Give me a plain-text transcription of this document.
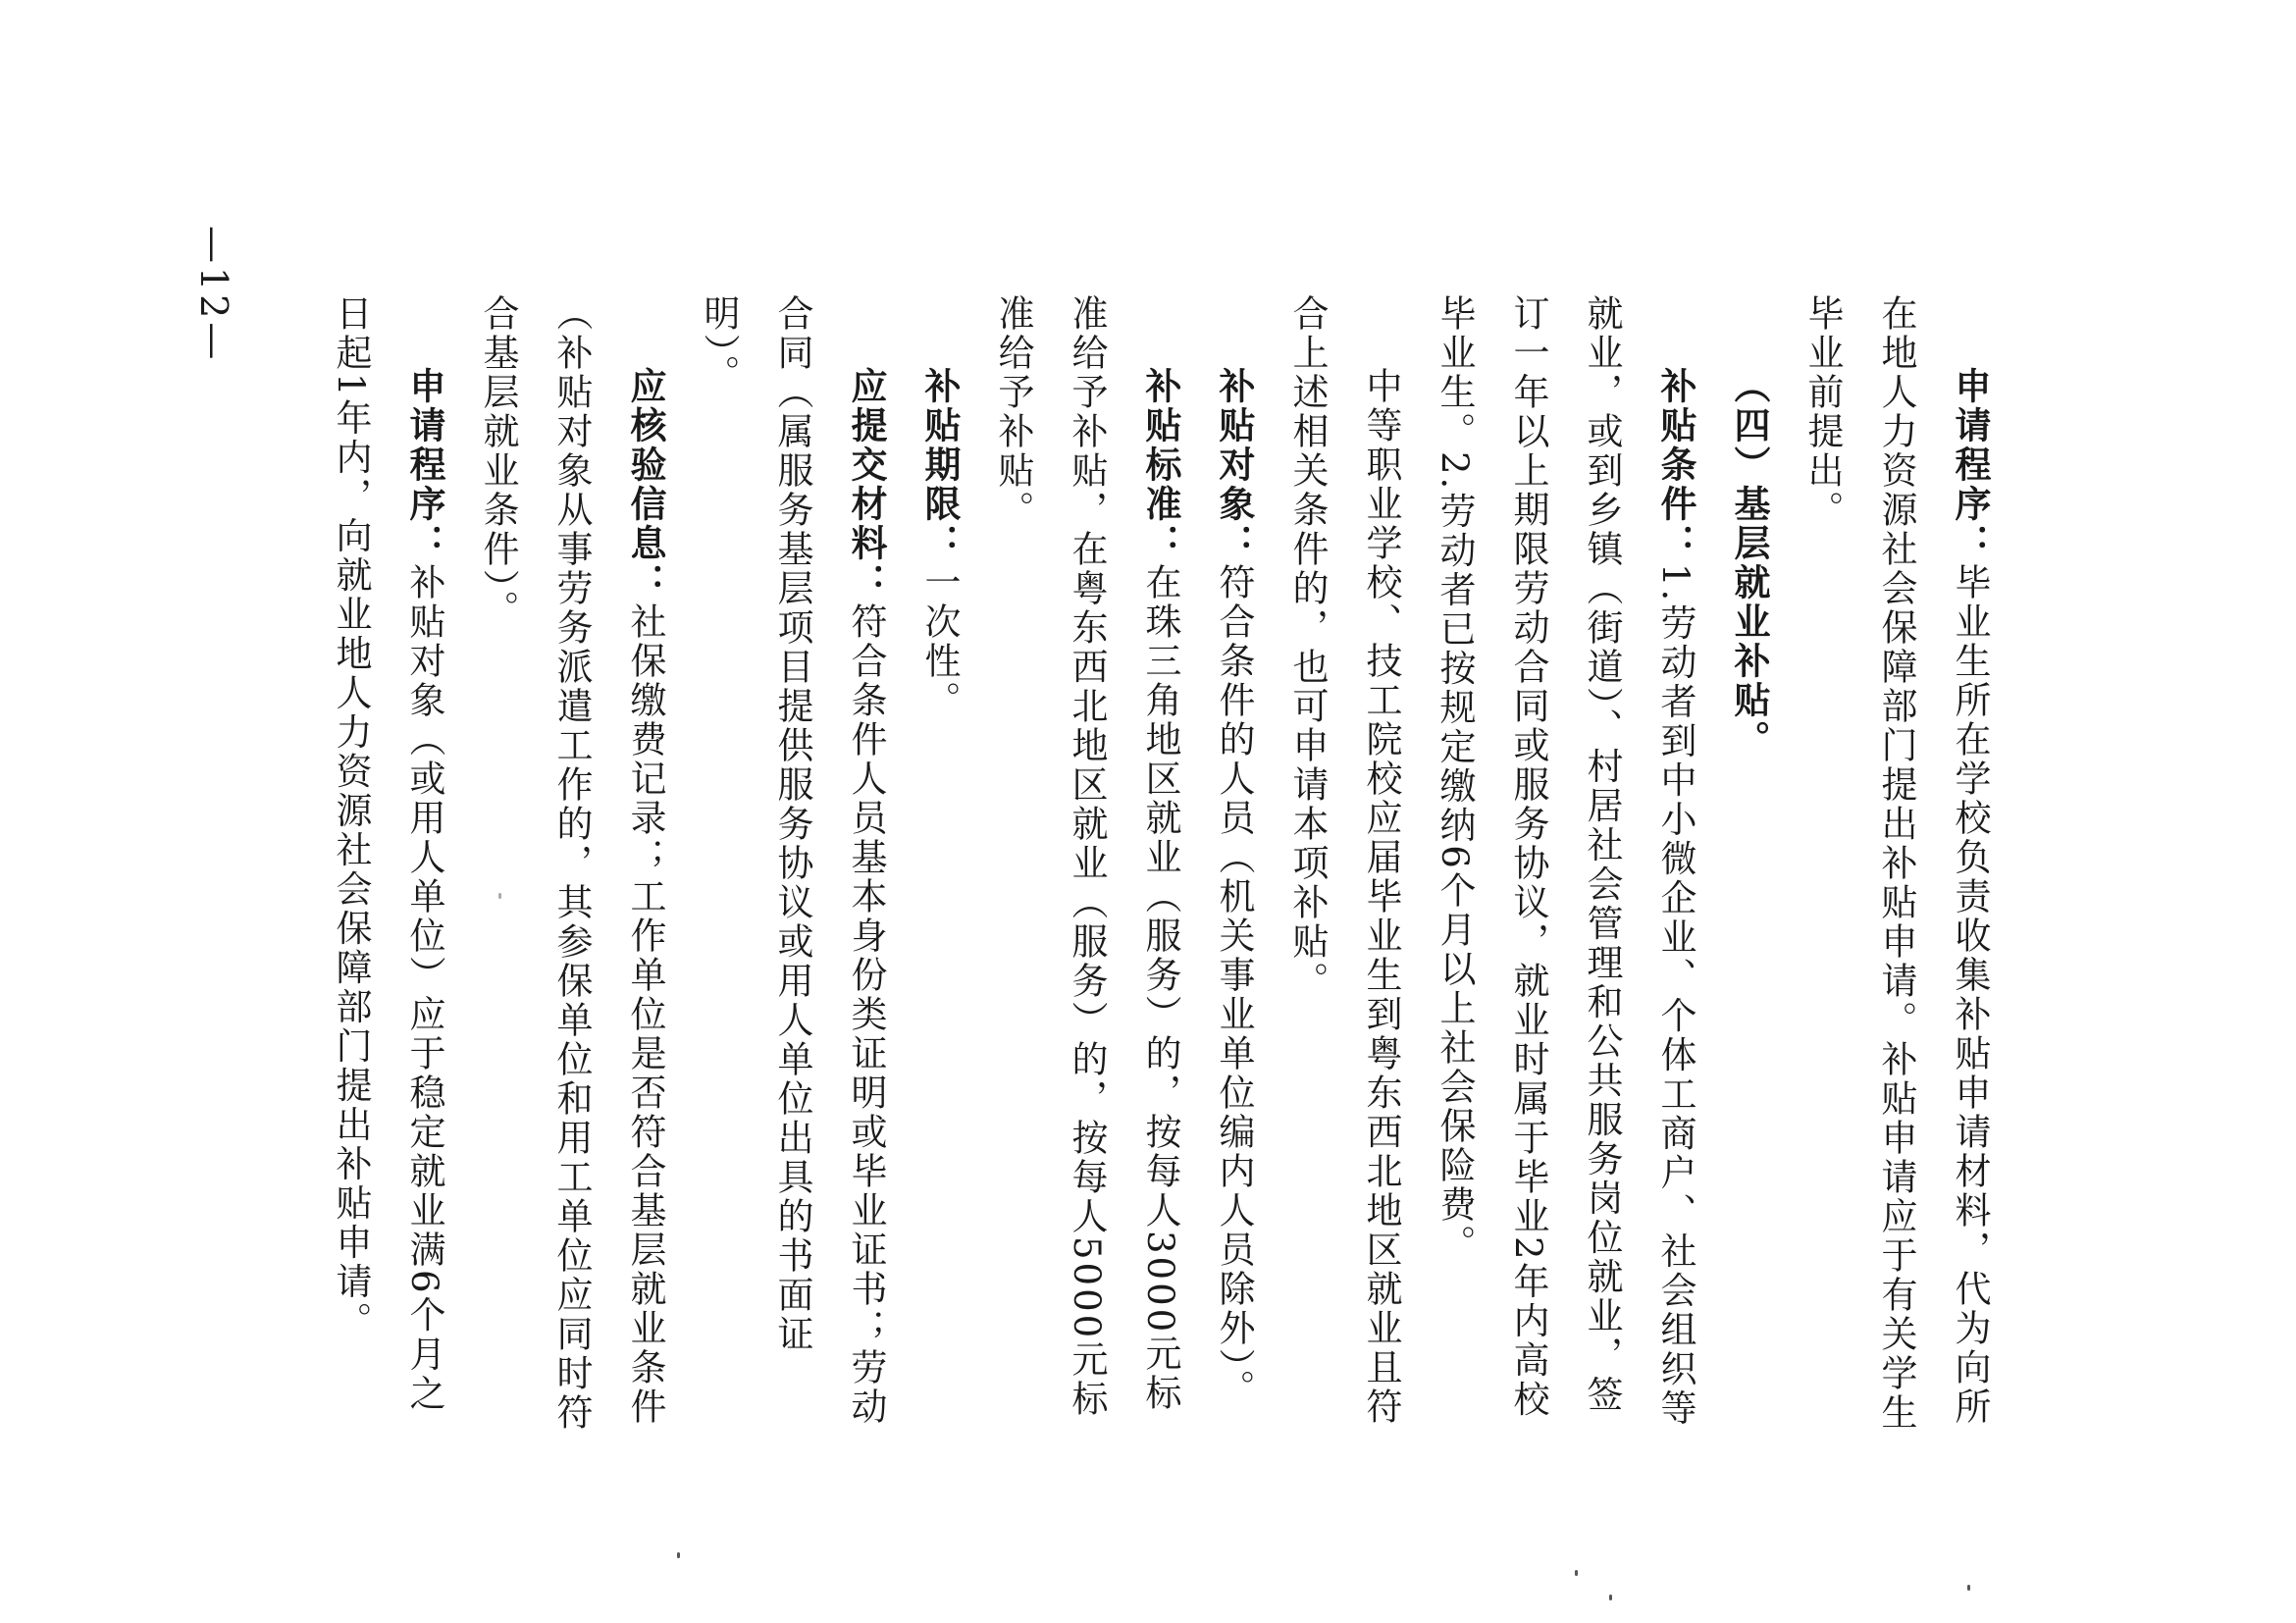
申请程序：毕业生所在学校负责收集补贴申请材料，代为向所在地人力资源社会保障部门提出补贴申请。补贴申请应于有关学生毕业前提出。

（四）基层就业补贴。

补贴条件：1.劳动者到中小微企业、个体工商户、社会组织等就业，或到乡镇（街道）、村居社会管理和公共服务岗位就业，签订一年以上期限劳动合同或服务协议，就业时属于毕业2年内高校毕业生。2.劳动者已按规定缴纳6个月以上社会保险费。

中等职业学校、技工院校应届毕业生到粤东西北地区就业且符合上述相关条件的，也可申请本项补贴。

补贴对象：符合条件的人员（机关事业单位编内人员除外）。

补贴标准：在珠三角地区就业（服务）的，按每人3000元标准给予补贴，在粤东西北地区就业（服务）的，按每人5000元标准给予补贴。

补贴期限：一次性。

应提交材料：符合条件人员基本身份类证明或毕业证书；劳动合同（属服务基层项目提供服务协议或用人单位出具的书面证明）。

应核验信息：社保缴费记录；工作单位是否符合基层就业条件（补贴对象从事劳务派遣工作的，其参保单位和用工单位应同时符合基层就业条件）。

申请程序：补贴对象（或用人单位）应于稳定就业满6个月之日起1年内，向就业地人力资源社会保障部门提出补贴申请。

—12—
